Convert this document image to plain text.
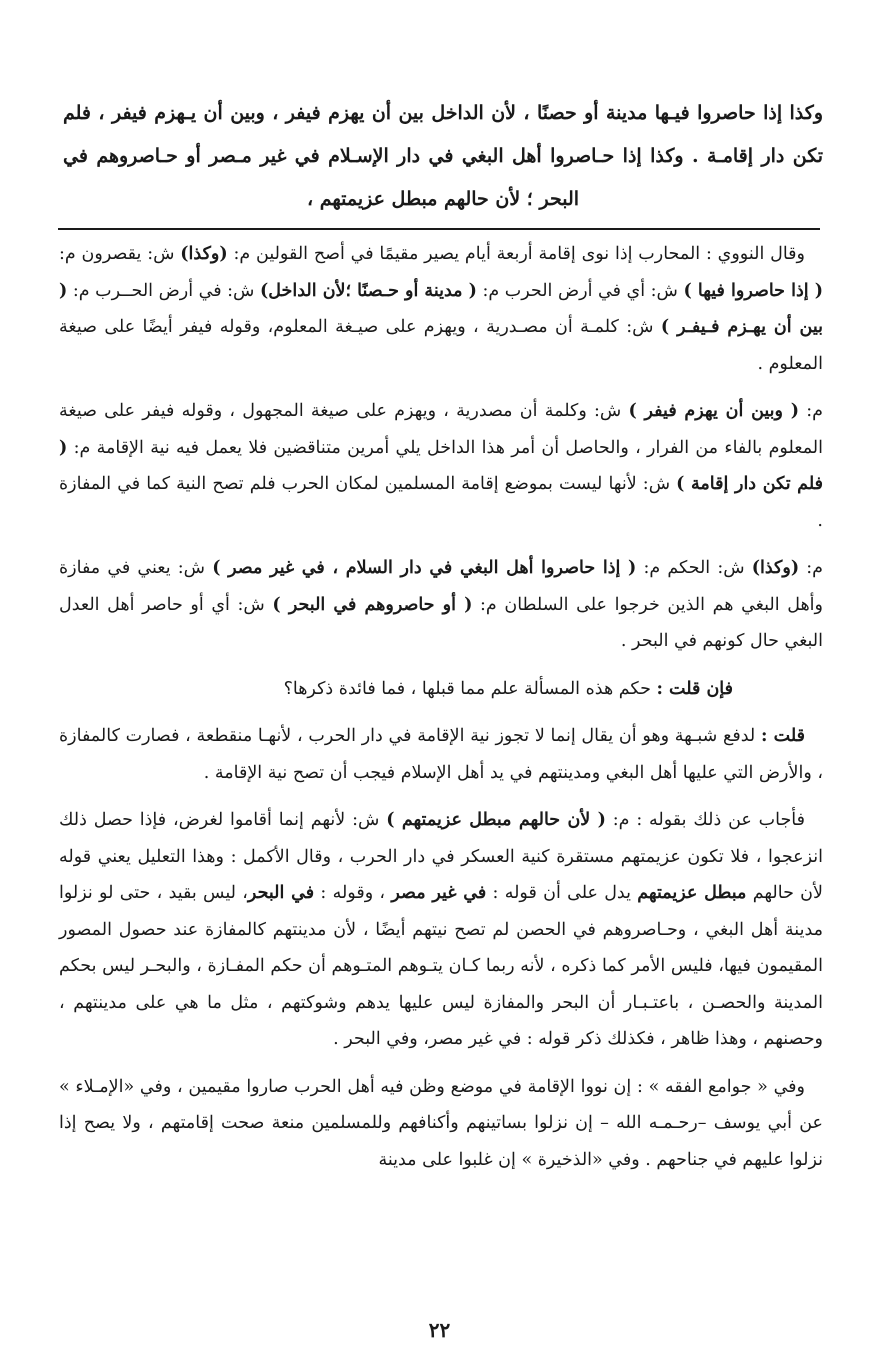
وكذا إذا حاصروا فيـها مدينة أو حصنًا ، لأن الداخل بين أن يهزم فيفر ، وبين أن يـهزم فيفر ، فلم تكن دار إقامـة . وكذا إذا حـاصروا أهل البغي في دار الإسـلام في غير مـصر أو حـاصروهم في البحر ؛ لأن حالهم مبطل عزيمتهم ،

وقال النووي : المحارب إذا نوى إقامة أربعة أيام يصير مقيمًا في أصح القولين م: (وكذا) ش: يقصرون م: ( إذا حاصروا فيها ) ش: أي في أرض الحرب م: ( مدينة أو حـصنًا ؛لأن الداخل) ش: في أرض الحــرب م: ( بين أن يهـزم فـيفـر ) ش: كلمـة أن مصـدرية ، ويهزم على صيـغة المعلوم، وقوله فيفر أيضًا على صيغة المعلوم .

م: ( وبين أن يهزم فيفر ) ش: وكلمة أن مصدرية ، ويهزم على صيغة المجهول ، وقوله فيفر على صيغة المعلوم بالفاء من الفرار ، والحاصل أن أمر هذا الداخل يلي أمرين متناقضين فلا يعمل فيه نية الإقامة م: ( فلم تكن دار إقامة ) ش: لأنها ليست بموضع إقامة المسلمين لمكان الحرب فلم تصح النية كما في المفازة .

م: (وكذا) ش: الحكم م: ( إذا حاصروا أهل البغي في دار السلام ، في غير مصر ) ش: يعني في مفازة وأهل البغي هم الذين خرجوا على السلطان م: ( أو حاصروهم في البحر ) ش: أي أو حاصر أهل العدل البغي حال كونهم في البحر .

فإن قلت : حكم هذه المسألة علم مما قبلها ، فما فائدة ذكرها؟

قلت : لدفع شبـهة وهو أن يقال إنما لا تجوز نية الإقامة في دار الحرب ، لأنهـا منقطعة ، فصارت كالمفازة ، والأرض التي عليها أهل البغي ومدينتهم في يد أهل الإسلام فيجب أن تصح نية الإقامة .

فأجاب عن ذلك بقوله : م: ( لأن حالهم مبطل عزيمتهم ) ش: لأنهم إنما أقاموا لغرض، فإذا حصل ذلك انزعجوا ، فلا تكون عزيمتهم مستقرة كنية العسكر في دار الحرب ، وقال الأكمل : وهذا التعليل يعني قوله لأن حالهم مبطل عزيمتهم يدل على أن قوله : في غير مصر ، وقوله : في البحر، ليس بقيد ، حتى لو نزلوا مدينة أهل البغي ، وحـاصروهم في الحصن لم تصح نيتهم أيضًا ، لأن مدينتهم كالمفازة عند حصول المصور المقيمون فيها، فليس الأمر كما ذكره ، لأنه ربما كـان يتـوهم المتـوهم أن حكم المفـازة ، والبحـر ليس بحكم المدينة والحصـن ، باعتـبـار أن البحر والمفازة ليس عليها يدهم وشوكتهم ، مثل ما هي على مدينتهم ، وحصنهم ، وهذا ظاهر ، فكذلك ذكر قوله : في غير مصر، وفي البحر .

وفي « جوامع الفقه » : إن نووا الإقامة في موضع وظن فيه أهل الحرب صاروا مقيمين ، وفي «الإمـلاء » عن أبي يوسف –رحـمـه الله – إن نزلوا بساتينهم وأكنافهم وللمسلمين منعة صحت إقامتهم ، ولا يصح إذا نزلوا عليهم في جناحهم . وفي «الذخيرة » إن غلبوا على مدينة

٢٢
